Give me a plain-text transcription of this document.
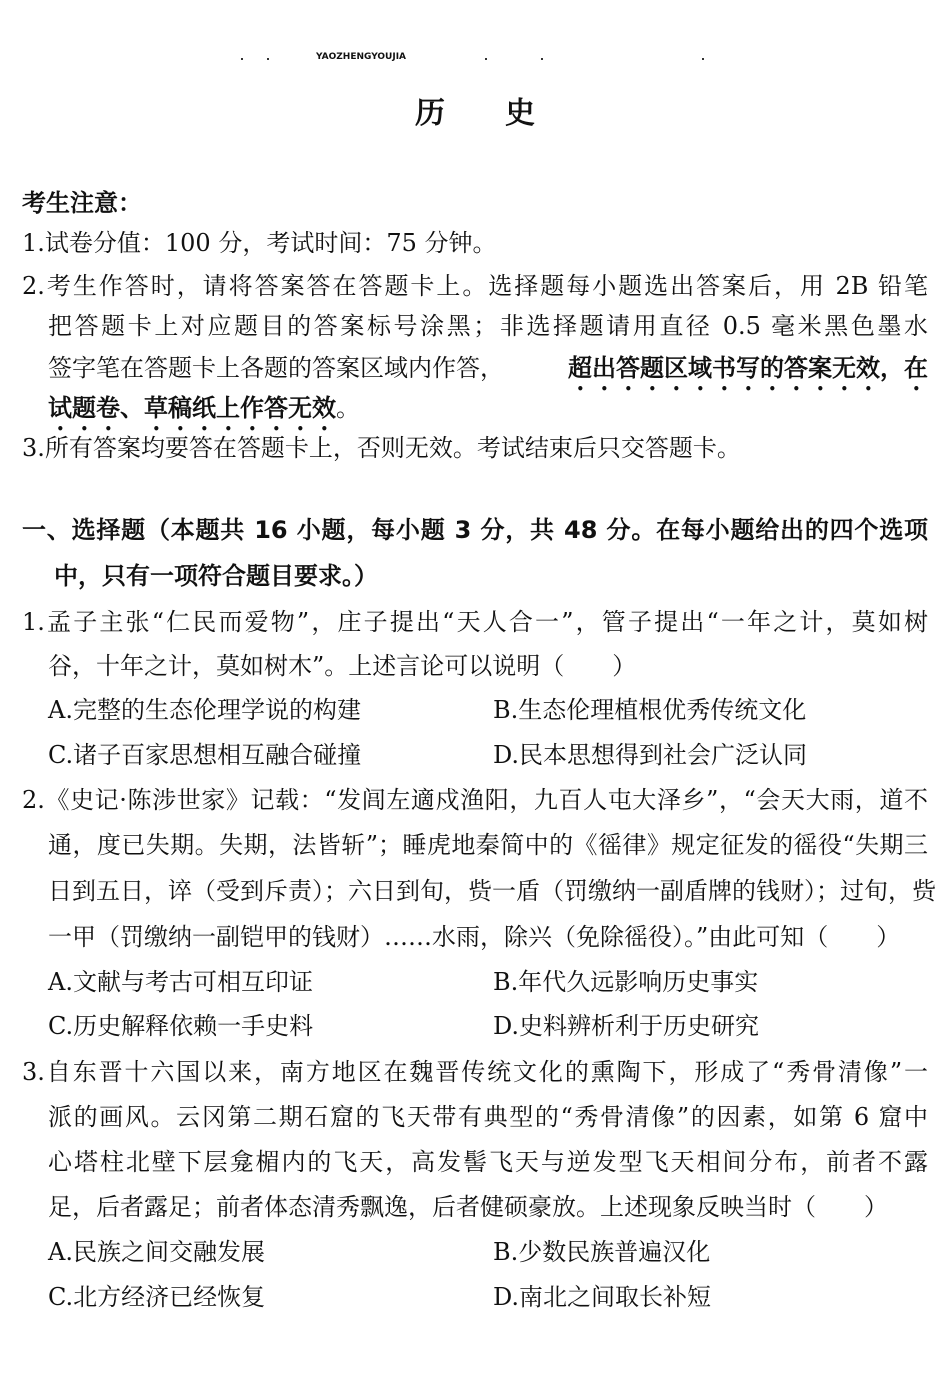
YAOZHENGYOUJIA
历史
考生注意：
1.试卷分值：100 分，考试时间：75 分钟。
2.考生作答时，请将答案答在答题卡上。选择题每小题选出答案后，用 2B 铅笔
把答题卡上对应题目的答案标号涂黑；非选择题请用直径 0.5 毫米黑色墨水
签字笔在答题卡上各题的答案区域内作答，	超出答题区域书写的答案无效，在
试题卷、草稿纸上作答无效。
3.所有答案均要答在答题卡上，否则无效。考试结束后只交答题卡。
一、选择题（本题共 16 小题，每小题 3 分，共 48 分。在每小题给出的四个选项
中，只有一项符合题目要求。）
1.孟子主张“仁民而爱物”，庄子提出“天人合一”，管子提出“一年之计，莫如树
谷，十年之计，莫如树木”。上述言论可以说明（　　）
A.完整的生态伦理学说的构建	B.生态伦理植根优秀传统文化
C.诸子百家思想相互融合碰撞	D.民本思想得到社会广泛认同
2.《史记·陈涉世家》记载：“发闾左適戍渔阳，九百人屯大泽乡”，“会天大雨，道不
通，度已失期。失期，法皆斩”；睡虎地秦简中的《徭律》规定征发的徭役“失期三
日到五日，谇（受到斥责）；六日到旬，赀一盾（罚缴纳一副盾牌的钱财）；过旬，赀
一甲（罚缴纳一副铠甲的钱财）……水雨，除兴（免除徭役）。”由此可知（　　）
A.文献与考古可相互印证	B.年代久远影响历史事实
C.历史解释依赖一手史料	D.史料辨析利于历史研究
3.自东晋十六国以来，南方地区在魏晋传统文化的熏陶下，形成了“秀骨清像”一
派的画风。云冈第二期石窟的飞天带有典型的“秀骨清像”的因素，如第 6 窟中
心塔柱北壁下层龛楣内的飞天，高发髻飞天与逆发型飞天相间分布，前者不露
足，后者露足；前者体态清秀飘逸，后者健硕豪放。上述现象反映当时（　　）
A.民族之间交融发展	B.少数民族普遍汉化
C.北方经济已经恢复	D.南北之间取长补短
